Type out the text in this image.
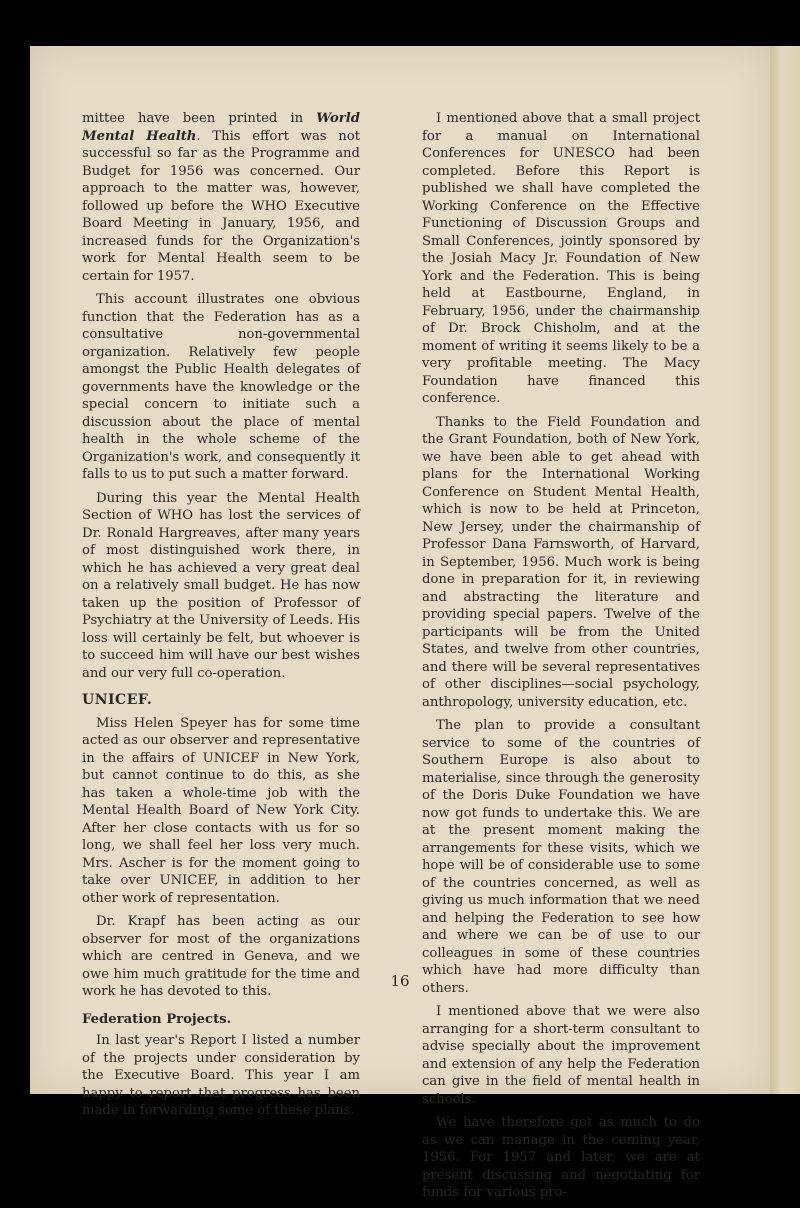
mittee have been printed in World Mental Health. This effort was not successful so far as the Programme and Budget for 1956 was concerned. Our approach to the matter was, however, followed up before the WHO Executive Board Meeting in January, 1956, and increased funds for the Organization's work for Mental Health seem to be certain for 1957.

This account illustrates one obvious function that the Federation has as a consultative non-governmental organization. Relatively few people amongst the Public Health delegates of governments have the knowledge or the special concern to initiate such a discussion about the place of mental health in the whole scheme of the Organization's work, and consequently it falls to us to put such a matter forward.

During this year the Mental Health Section of WHO has lost the services of Dr. Ronald Hargreaves, after many years of most distinguished work there, in which he has achieved a very great deal on a relatively small budget. He has now taken up the position of Professor of Psychiatry at the University of Leeds. His loss will certainly be felt, but whoever is to succeed him will have our best wishes and our very full co-operation.

UNICEF.

Miss Helen Speyer has for some time acted as our observer and representative in the affairs of UNICEF in New York, but cannot continue to do this, as she has taken a whole-time job with the Mental Health Board of New York City. After her close contacts with us for so long, we shall feel her loss very much. Mrs. Ascher is for the moment going to take over UNICEF, in addition to her other work of representation.

Dr. Krapf has been acting as our observer for most of the organizations which are centred in Geneva, and we owe him much gratitude for the time and work he has devoted to this.

Federation Projects.

In last year's Report I listed a number of the projects under consideration by the Executive Board. This year I am happy to report that progress has been made in forwarding some of these plans.

I mentioned above that a small project for a manual on International Conferences for UNESCO had been completed. Before this Report is published we shall have completed the Working Conference on the Effective Functioning of Discussion Groups and Small Conferences, jointly sponsored by the Josiah Macy Jr. Foundation of New York and the Federation. This is being held at Eastbourne, England, in February, 1956, under the chairmanship of Dr. Brock Chisholm, and at the moment of writing it seems likely to be a very profitable meeting. The Macy Foundation have financed this conference.

Thanks to the Field Foundation and the Grant Foundation, both of New York, we have been able to get ahead with plans for the International Working Conference on Student Mental Health, which is now to be held at Princeton, New Jersey, under the chairmanship of Professor Dana Farnsworth, of Harvard, in September, 1956. Much work is being done in preparation for it, in reviewing and abstracting the literature and providing special papers. Twelve of the participants will be from the United States, and twelve from other countries, and there will be several representatives of other disciplines—social psychology, anthropology, university education, etc.

The plan to provide a consultant service to some of the countries of Southern Europe is also about to materialise, since through the generosity of the Doris Duke Foundation we have now got funds to undertake this. We are at the present moment making the arrangements for these visits, which we hope will be of considerable use to some of the countries concerned, as well as giving us much information that we need and helping the Federation to see how and where we can be of use to our colleagues in some of these countries which have had more difficulty than others.

I mentioned above that we were also arranging for a short-term consultant to advise specially about the improvement and extension of any help the Federation can give in the field of mental health in schools.

We have therefore got as much to do as we can manage in the coming year, 1956. For 1957 and later, we are at present discussing and negotiating for funds for various pro-

16
